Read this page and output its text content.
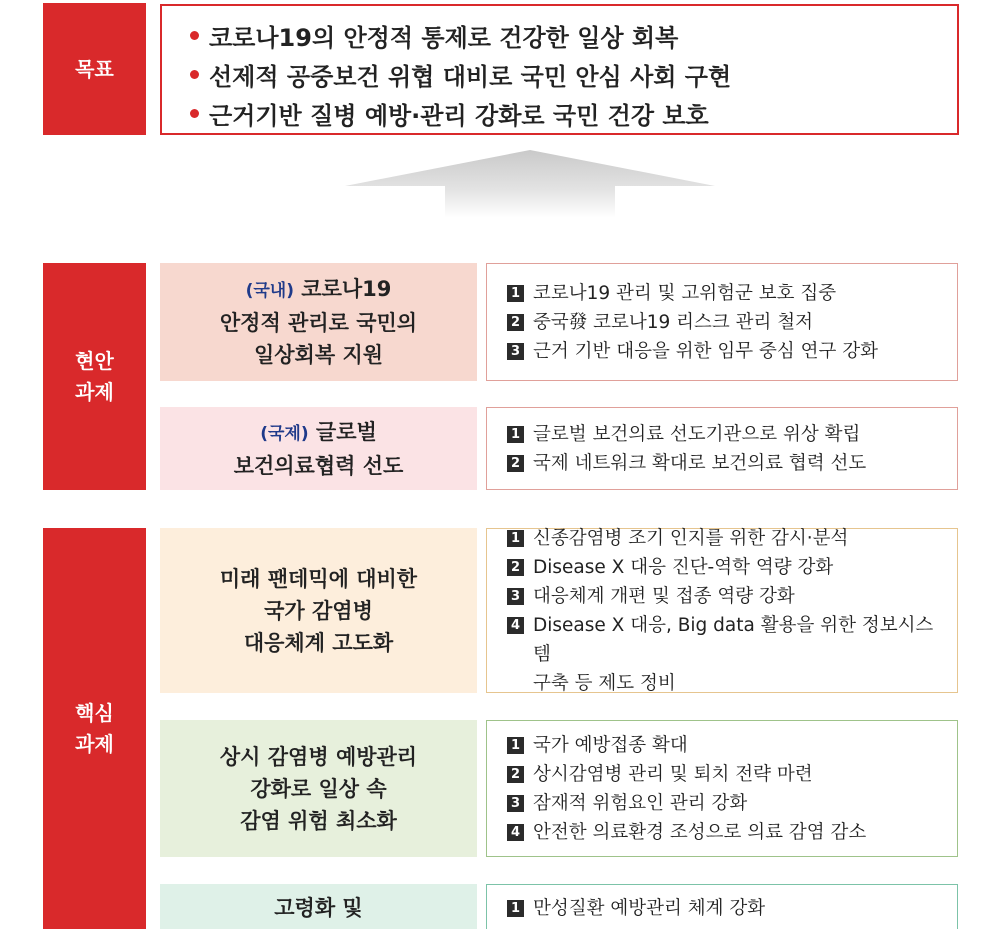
목표
코로나19의 안정적 통제로 건강한 일상 회복
선제적 공중보건 위협 대비로 국민 안심 사회 구현
근거기반 질병 예방·관리 강화로 국민 건강 보호
현안
과제
(국내) 코로나19
안정적 관리로 국민의
일상회복 지원
1 코로나19 관리 및 고위험군 보호 집중
2 중국發 코로나19 리스크 관리 철저
3 근거 기반 대응을 위한 임무 중심 연구 강화
(국제) 글로벌
보건의료협력 선도
1 글로벌 보건의료 선도기관으로 위상 확립
2 국제 네트워크 확대로 보건의료 협력 선도
핵심
과제
미래 팬데믹에 대비한
국가 감염병
대응체계 고도화
1 신종감염병 조기 인지를 위한 감시·분석
2 Disease X 대응 진단-역학 역량 강화
3 대응체계 개편 및 접종 역량 강화
4 Disease X 대응, Big data 활용을 위한 정보시스템
구축 등 제도 정비
상시 감염병 예방관리
강화로 일상 속
감염 위험 최소화
1 국가 예방접종 확대
2 상시감염병 관리 및 퇴치 전략 마련
3 잠재적 위험요인 관리 강화
4 안전한 의료환경 조성으로 의료 감염 감소
고령화 및	1 만성질환 예방관리 체계 강화
